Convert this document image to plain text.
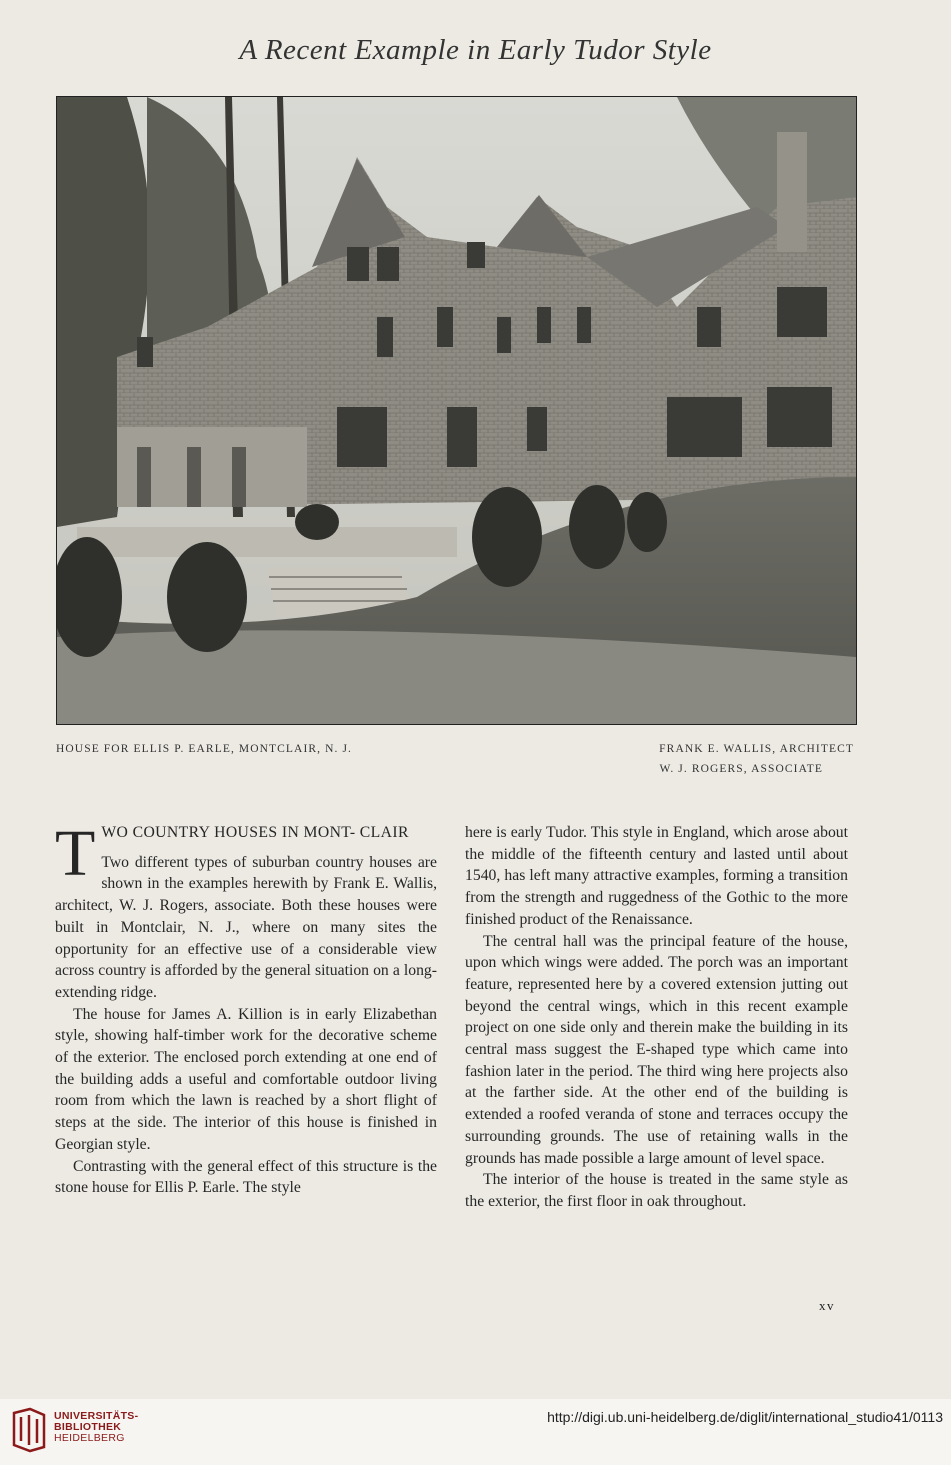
A Recent Example in Early Tudor Style
HOUSE FOR ELLIS P. EARLE, MONTCLAIR, N. J.	FRANK E. WALLIS, ARCHITECT
W. J. ROGERS, ASSOCIATE

T WO COUNTRY HOUSES IN MONT- CLAIR

Two different types of suburban country houses are shown in the examples herewith by Frank E. Wallis, architect, W. J. Rogers, associate. Both these houses were built in Montclair, N. J., where on many sites the opportunity for an effective use of a considerable view across country is afforded by the general situation on a long-extending ridge.

The house for James A. Killion is in early Elizabethan style, showing half-timber work for the decorative scheme of the exterior. The enclosed porch extending at one end of the building adds a useful and comfortable outdoor living room from which the lawn is reached by a short flight of steps at the side. The interior of this house is finished in Georgian style.

Contrasting with the general effect of this structure is the stone house for Ellis P. Earle. The style

here is early Tudor. This style in England, which arose about the middle of the fifteenth century and lasted until about 1540, has left many attractive examples, forming a transition from the strength and ruggedness of the Gothic to the more finished product of the Renaissance.

The central hall was the principal feature of the house, upon which wings were added. The porch was an important feature, represented here by a covered extension jutting out beyond the central wings, which in this recent example project on one side only and therein make the building in its central mass suggest the E-shaped type which came into fashion later in the period. The third wing here projects also at the farther side. At the other end of the building is extended a roofed veranda of stone and terraces occupy the surrounding grounds. The use of retaining walls in the grounds has made possible a large amount of level space.

The interior of the house is treated in the same style as the exterior, the first floor in oak throughout.

xv
UNIVERSITÄTS-
BIBLIOTHEK
HEIDELBERG
http://digi.ub.uni-heidelberg.de/diglit/international_studio41/0113
